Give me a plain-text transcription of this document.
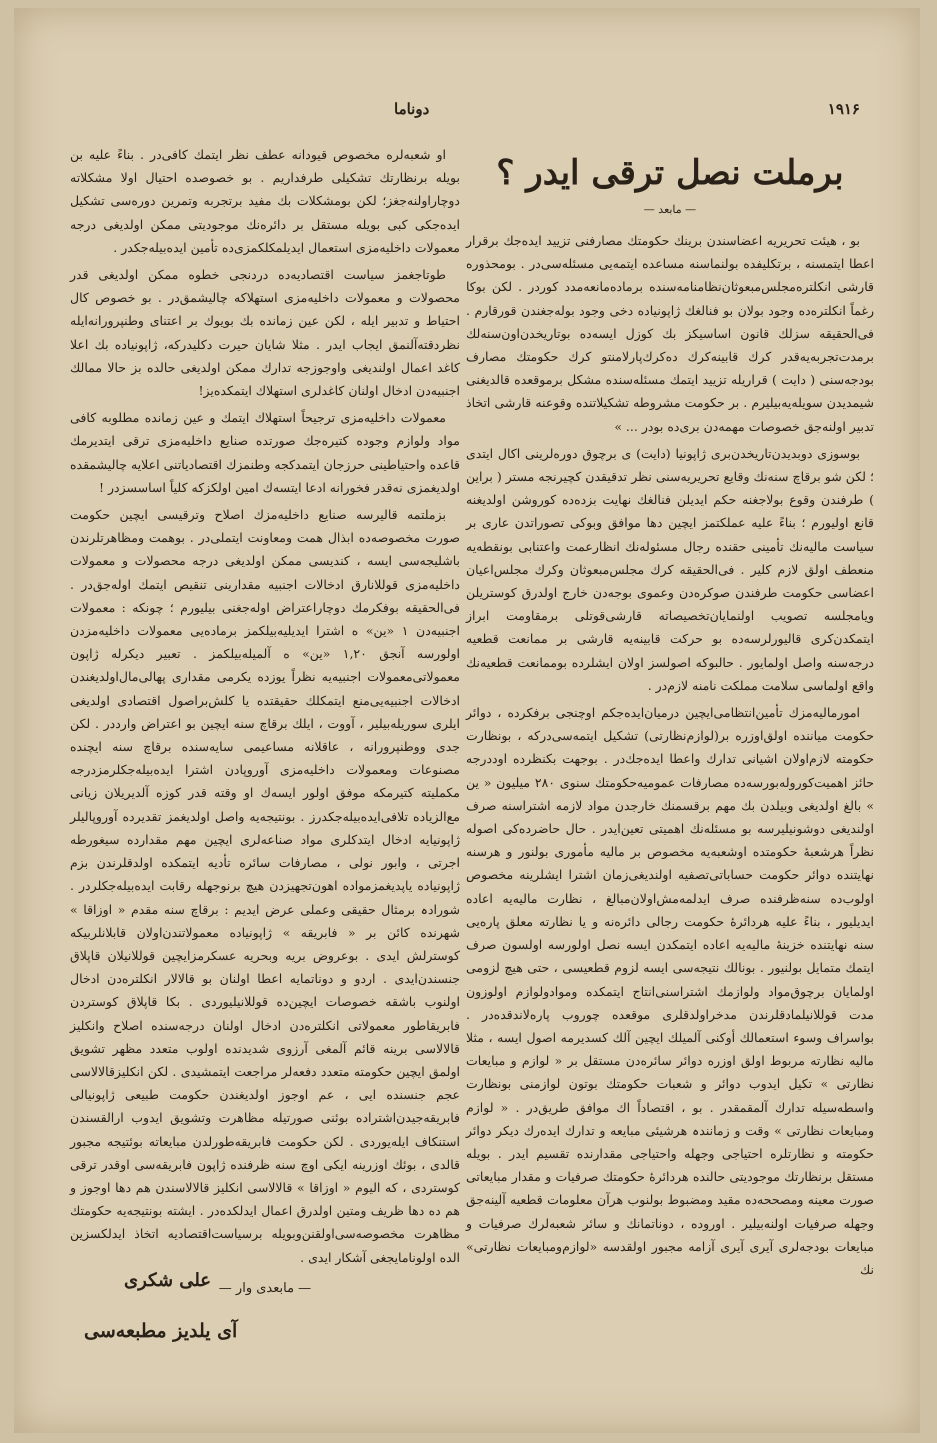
دوناما	۱۹۱۶
برملت نصل ترقی ایدر ؟
— مابعد —

بو ، هیئت تحریریه اعضاسندن برینك حکومتك مصارفنی تزیید ایده‌جك برقرار اعطا ایتمسنه ، برتکلیفده بولنماسنه مساعده ایتمه‌یی مسئله‌سی‌در . بومحذوره قارشی انکلتره‌مجلس‌مبعوثان‌نظامنامه‌سنده برماده‌مانعه‌مدد کوردر . لکن بوکا رغماً انکلتره‌ده وجود بولان بو فنالغك ژاپونیاده دخی وجود بوله‌جغندن قورقارم . فی‌الحقیقه سزلك قانون اساسیکز بك کوزل ایسه‌ده بوتاریخدن‌اون‌سنه‌لك برمدت‌تجربه‌یه‌قدر کرك قابینه‌کرك ده‌کرك‌پارلامنتو کرك حکومتك مصارف بودجه‌سنی ( دایت ) قراریله تزیید ایتمك مسئله‌سنده مشکل برموقعده قالدیغنی شیمدیدن سویله‌یه‌بیلیرم . بر حکومت مشروطه تشکیلاتنده وقوعنه قارشی اتخاذ تدبیر اولنه‌جق خصوصات مهمه‌دن بری‌ده بودر ... »

بوسوزی دوبدیدن‌تاریخدن‌بری ژاپونیا (دایت) ی برچوق دوره‌لرینی اکال ایتدی ؛ لکن شو برقاچ سنه‌نك وقایع تحریریه‌سنی نظر تدقیقدن کچیرنجه مستر ( براین ) طرفندن وقوع بولاجغنه حکم ایدیلن فنالغك نهایت بزده‌ده کوروشن اولدیغنه قانع اولیورم ؛ بناءً علیه عملکتمز ایچین دها موافق وبوکی تصوراتدن عاری بر سیاست مالیه‌نك تأمینی حقنده رجال مسئوله‌نك انظارعمت واعتنابی بونقطه‌یه منعطف اولق لازم کلیر . فی‌الحقیقه کرك مجلس‌مبعوثان وکرك مجلس‌اعیان اعضاسی حکومت طرفندن صوکره‌دن وعموی بوجه‌دن خارج اولدرق کوستریلن ویامجلسه تصویب اولنمایان‌تخصیصاته قارشی‌قوتلی برمقاومت ابراز ایتمکدن‌کری قالیورلرسه‌ده بو حرکت قابینه‌یه قارشی بر ممانعت قطعیه درجه‌سنه واصل اولمایور . حالبوکه اصولسز اولان ایشلرده بوممانعت قطعیه‌نك واقع اولماسی سلامت مملکت نامنه لازم‌در .

امورمالیه‌مزك تأمین‌انتظامی‌ایچین درمیان‌ایده‌جکم اوچنجی برفکرده ، دوائر حکومت میاننده اولق‌اوزره بر(لوازم‌نظارتی) تشکیل ایتمه‌سی‌درکه ، بونظارت حکومته لازم‌اولان اشیانی تدارك واعطا ایده‌جك‌در . بوجهت بکنظرده اوددرجه حائز اهمیت‌کوروله‌بورسه‌ده مصارفات عمومیه‌حکومتك سنوی ۲۸۰ میلیون « ین » بالغ اولدیغی وبیلدن بك مهم برقسمنك خارجدن مواد لازمه اشتراسنه صرف اولندیغی دوشونیلیرسه بو مسئله‌نك اهمیتی تعین‌ایدر . حال حاضرده‌کی اصوله نظراً هرشعبهٔ حکومتده اوشعبه‌یه مخصوص بر مالیه مأموری بولنور و هرسنه نهایتنده دوائر حکومت حساباتی‌تصفیه اولندیغی‌زمان اشترا ایشلرینه مخصوص اولوب‌ده سنه‌ظرفنده صرف ایدلمه‌مش‌اولان‌مبالغ ، نظارت مالیه‌یه اعاده ایدیلیور ، بناءً علیه هردائرهٔ حکومت رجالی دائره‌نه و یا نظارته معلق پاره‌یی سنه نهایتنده خزینهٔ مالیه‌یه اعاده ایتمکدن ایسه نصل اولورسه اولسون صرف ایتمك متمایل بولنیور . بونالك نتیجه‌سی ایسه لزوم قطعیسی ، حتی هیچ لزومی اولمایان برچوق‌مواد ولوازمك اشتراسنی‌انتاج ایتمکده‌ ومواد‌ولوازم اولوزون مدت قوللانیلمادقلرندن مدخراولدقلری موقعده چوروب پاره‌لاندقده‌در . بواسراف وسوء استعمالك أوکنی آلمیلك ایچین آلك کسدیرمه اصول ایسه ، مثلا مالیه نظارته مربوط اولق اوزره دوائر سائره‌دن مستقل بر « لوازم و مبایعات نظارتی » تکیل ایدوب دوائر و شعبات حکومتك بوتون لوازمنی بونظارت واسطه‌سیله تدارك آلمقمقدر . بو ، اقتصاداً اك موافق طریق‌در . « لوازم ومبایعات نظارتی » وقت و زمانندہ هرشیئی مبایعه و تدارك ایده‌رك دیکر دوائر حکومته و نظارتلره احتیاجی وجهله واحتیاجی مقدارنده تقسیم ایدر . بویله مستقل برنظارتك موجودیتی حالنده هردائرهٔ حکومتك صرفیات و مقدار مبایعاتی صورت معینه ومصححه‌ده مقید ومضبوط بولنوب هرآن معلومات قطعیه آلینه‌جق وجهله صرفیات اولنه‌بیلیر . اوروده ، دوناتمانك و سائر شعبه‌لرك صرفیات و مبایعات بودجه‌لری آیری آیری آزامه مجبور اولقدسه «لوازم‌ومبایعات نظارتی» نك

او شعبه‌لره مخصوص قیودانه عطف نظر ایتمك کافی‌در . بناءً علیه بن بویله برنظارتك تشکیلی طرفداریم . بو خصوصده احتیال اولا مشکلاته دوچاراولنه‌جغز؛ لکن بومشکلات بك مفید برتجربه وتمرین دوره‌سی تشکیل ایده‌جکی کبی بویله مستقل بر دائره‌نك موجودیتی ممکن اولدیغی درجه معمولات داخلیه‌مزی استعمال ایدیلمکلکمزی‌ده تأمین ایده‌بیله‌جکدر .

طوتاجغمز سیاست اقتصادیه‌ده دردنجی خطوه ممکن اولدیغی قدر محصولات و معمولات داخلیه‌مزی استهلاکه چالیشمق‌در . بو خصوص کال احتیاط و تدبیر ایله ، لکن عین زمانده بك بویوك بر اعتنای وطنپرورانه‌ایله نظردقته‌آلنمق ایجاب ایدر . مثلا شایان حیرت دکلیدرکه، ژاپونیاده بك اعلا کاغد اعمال اولندیغی واوجوزجه تدارك ممکن اولدیغی حالده بز حالا ممالك اجنبیه‌دن ادخال اولنان کاغدلری استهلاك ایتمکده‌یز!

معمولات داخلیه‌مزی ترجیحاً استهلاك ایتمك و عین زمانده مطلوبه کافی مواد ولوازم وجوده کتیره‌جك صورتده صنایع داخلیه‌مزی ترقی ایتدیرمك قاعده واحتیاطینی حرزجان ایتمدکجه وطنمزك اقتصادیاتنی اعلایه چالیشمقده اولدیغمزی نه‌قدر فخورانه ادعا ایتسه‌ك امین اولکزکه کلیاً اساسسزدر !

بزملتمه قالیرسه صنایع داخلیه‌مزك اصلاح وترقیسی ایچین حکومت صورت مخصوصه‌ده ابذال همت ومعاونت ایتملی‌در . بوهمت ومظاهرتلرندن باشلیجه‌سی ایسه ، کندیسی ممکن اولدیغی درجه محصولات و معمولات داخلیه‌مزی قوللانارق ادخالات اجنبیه مقدارینی تنقیص ایتمك اوله‌جق‌در . فی‌الحقیقه بوفکرمك دوچاراعتراض اوله‌جغنی بیلیورم ؛ چونکه : معمولات اجنبیه‌دن ۱ «ین» ه اشترا ایدیلیه‌بیلکمز برماده‌یی معمولات داخلیه‌مزدن اولورسه آنجق ۱,۲۰ «ین» ه آلمیله‌بیلکمز . تعبیر دیکرله ژاپون معمولاتی‌معمولات اجنبیه‌یه نظراً یوزده یکرمی مقداری پهالی‌مال‌اولدیغندن ادخالات اجنبیه‌یی‌منع ایتمکلك حقیقتده یا کلش‌براصول اقتصادی اولدیغی ایلری سوریله‌بیلیر ، آووت ، ایلك برقاچ سنه ایچین بو اعتراض وارددر . لکن جدی ووطنپرورانه ، عاقلانه مساعیمی سایه‌سنده برقاچ سنه ایچنده مصنوعات ومعمولات داخلیه‌مزی آوروپادن اشترا ایده‌بیله‌جکلرمزدرجه مکملیته کتیرمکه موفق اولور ایسه‌ك او وقته قدر کوزه آلدیریلان زیانی مع‌الزیاده تلافی‌ایده‌بیله‌جکدرز . بونتیجه‌یه واصل اولدیغمز تقدیرده آوروپالیلر ژاپونیایه ادخال ایتدکلری مواد صناعه‌لری ایچین مهم مقدارده سیغورطه اجرتی ، وابور نولی ، مصارفات سائره تأدیه ایتمکده اولدقلرندن بزم ژاپونیاده یاپدیغمز‌مواده اهون‌تجهیزدن هیچ برنوجهله رقابت ایده‌بیله‌جکلردر . شورادہ برمثال حقیقی وعملی عرض ایدیم : برقاچ سنه مقدم « اوزاقا » شهرنده کائن بر « فابریقه » ژاپونیاده معمولاتندن‌اولان قابلانلربیکه کوسترلش ایدی . بوعروض بریه وبحریه عسکرمزایچین قوللانیلان قاپلاق جنسندن‌ایدی . اردو و دوناتمایه اعطا اولنان بو قالالار انکلتره‌دن ادخال اولنوب باشقه خصوصات ایچین‌ده قوللانیلیوردی . بکا قاپلاق کوستردن فابریقاطور معمولاتی انکلتره‌دن ادخال اولنان درجه‌سنده اصلاح وانکلیز قالالاسی برینه قائم آلمغی آرزوی شدیدنده اولوب متعدد مظهر تشویق اولمق ایچین حکومته متعدد دفعه‌لر مراجعت ایتمشیدی . لکن انکلیزقالالاسی عجم جنسنده ایی ، عم اوجوز اولدیغندن حکومت طبیعی ژاپونیالی فابریقه‌جیدن‌اشتراده بوئنی صورتیله مظاهرت وتشویق ایدوب ارالقسندن استنکاف ایله‌یوردی . لکن حکومت فابریقه‌طورلدن مبایعاته بوئتیجه مجبور قالدی ، بوئك اوزرینه ایکی اوچ سنه ظرفنده ژاپون فابریقه‌سی اوقدر ترقی کوستردی ، که الیوم « اوزاقا » قالالاسی انکلیز قالالاسندن هم دها اوجوز و هم ده دها ظریف ومتین اولدرق اعمال ایدلکده‌در . ایشته بونتیجه‌یه حکومتك مظاهرت مخصوصه‌سی‌اولقنن‌وبویله برسیاست‌اقتصادیه اتخاذ ایدلکسزین الده اولونامایجغی آشکار ایدی .

— مابعدی وار —
علی شکری
آی یلدیز مطبعه‌سی
